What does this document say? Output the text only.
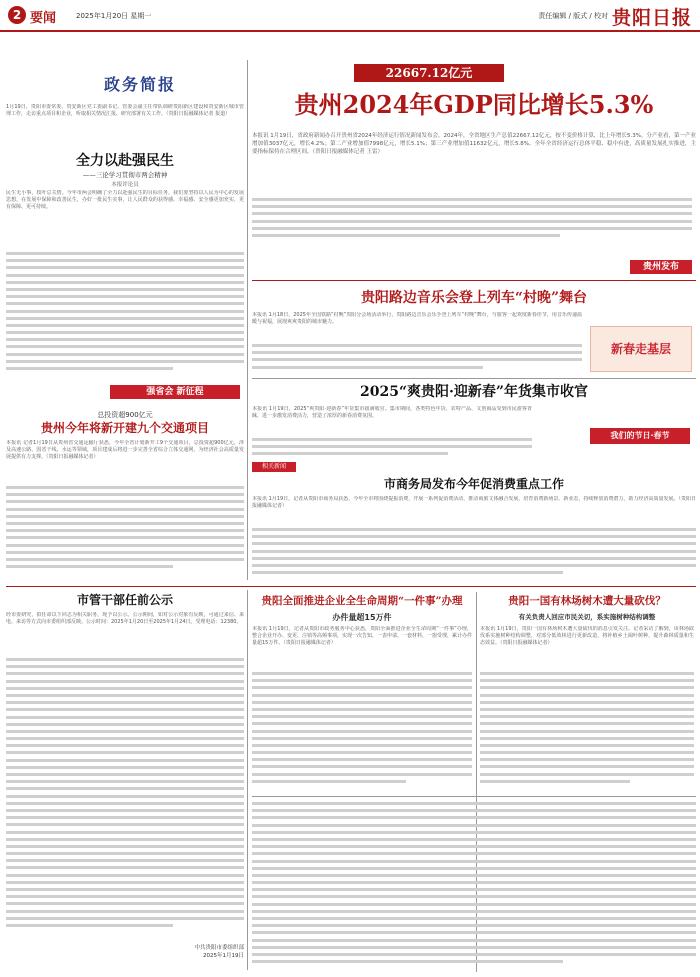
2 要闻	2025年1月20日 星期一	责任编辑 / 版式 / 校对 贵阳日报
政务简报
1月19日，贵阳市委常委、贵安新区党工委副书记、管委会副主任带队调研贵阳新区建设和贵安新区城市管理工作，走访重点项目和企业，听取相关情况汇报，研究部署有关工作。（贵阳日报融媒体记者 报道）
22667.12亿元
贵州2024年GDP同比增长5.3%
本报讯 1月19日，省政府新闻办召开贵州省2024年经济运行情况新闻发布会。2024年，全省地区生产总值22667.12亿元，按不变价格计算，比上年增长5.3%。分产业看，第一产业增加值3037亿元，增长4.2%；第二产业增加值7998亿元，增长5.1%；第三产业增加值11632亿元，增长5.8%。全年全省经济运行总体平稳、稳中有进，高质量发展扎实推进，主要指标保持在合理区间。（贵阳日报融媒体记者 王雷）
贵州发布
全力以赴强民生
——三论学习贯彻市两会精神
本报评论员
民生无小事，枝叶总关情。今年市两会明确了全力以赴强民生的目标任务，我们要坚持以人民为中心的发展思想，在发展中保障和改善民生，办好一批民生实事，让人民群众的获得感、幸福感、安全感更加充实、更有保障、更可持续。
强省会 新征程
总投资超900亿元
贵州今年将新开建九个交通项目
本报讯 记者1月19日从贵州省交通运输厅获悉，今年全省计划新开工9个交通项目，总投资超900亿元，涉及高速公路、国省干线、水运等领域，项目建成后将进一步完善全省综合立体交通网，为经济社会高质量发展提供有力支撑。（贵阳日报融媒体记者）
贵阳路边音乐会登上列车“村晚”舞台
本报讯 1月18日，2025年全国铁路“村晚”贵阳分会场活动举行，贵阳路边音乐会乐手登上列车“村晚”舞台，与旅客一起欢度新春佳节，用音乐传递温暖与祝福，展现爽爽贵阳的城市魅力。
新春走基层
2025“爽贵阳·迎新春”年货集市收官
本报讯 1月19日，2025“爽贵阳·迎新春”年货集市圆满收官。集市期间，各类特色年货、农特产品、文创商品受到市民游客青睐，进一步激发消费活力，营造了浓厚的新春消费氛围。
我们的节日·春节
相关新闻
市商务局发布今年促消费重点工作
本报讯 1月19日，记者从贵阳市商务局获悉，今年全市将围绕提振消费，开展一系列促消费活动，推动商旅文体融合发展，培育消费新场景、新业态，持续释放消费潜力，助力经济高质量发展。（贵阳日报融媒体记者）
市管干部任前公示
经市委研究，拟任命以下同志为相关职务，现予以公示。公示期间，如对公示对象有反映，可通过来信、来电、来访等方式向市委组织部反映。公示时间：2025年1月20日至2025年1月24日。受理电话：12380。
中共贵阳市委组织部
2025年1月19日
贵阳全面推进企业全生命周期“一件事”办理
办件量超15万件
本报讯 1月19日，记者从贵阳市政务服务中心获悉，贵阳全面推进企业全生命周期“一件事”办理，整合企业开办、变更、注销等高频事项，实现一次告知、一表申请、一套材料、一窗受理，累计办件量超15万件。（贵阳日报融媒体记者）
贵阳一国有林场树木遭大量砍伐？
有关负责人回应市民关切，系实施树种结构调整
本报讯 1月19日，贵阳一国有林场树木遭大量砍伐的消息引发关注。记者采访了解到，该林场砍伐系实施树种结构调整，对部分低效林进行更新改造，将补植乡土阔叶树种，提升森林质量和生态效益。（贵阳日报融媒体记者）
